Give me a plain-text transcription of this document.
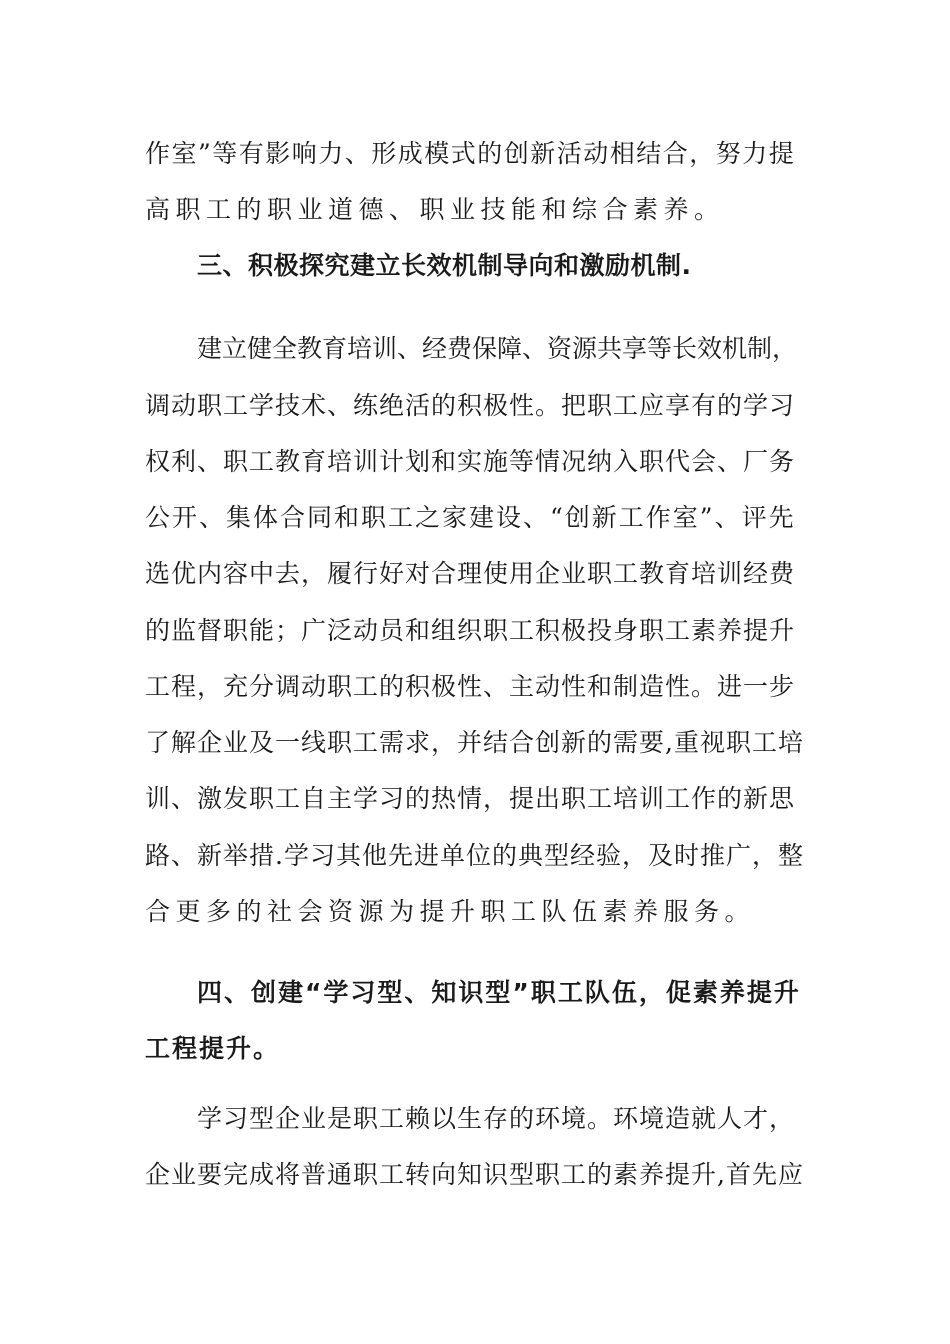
作室”等有影响力、形成模式的创新活动相结合，努力提
高职工的职业道德、职业技能和综合素养。
三、积极探究建立长效机制导向和激励机制.
建立健全教育培训、经费保障、资源共享等长效机制，
调动职工学技术、练绝活的积极性。把职工应享有的学习
权利、职工教育培训计划和实施等情况纳入职代会、厂务
公开、集体合同和职工之家建设、“创新工作室”、评先
选优内容中去，履行好对合理使用企业职工教育培训经费
的监督职能；广泛动员和组织职工积极投身职工素养提升
工程，充分调动职工的积极性、主动性和制造性。进一步
了解企业及一线职工需求，并结合创新的需要,重视职工培
训、激发职工自主学习的热情，提出职工培训工作的新思
路、新举措.学习其他先进单位的典型经验，及时推广，整
合更多的社会资源为提升职工队伍素养服务。
四、创建“学习型、知识型”职工队伍，促素养提升
工程提升。
学习型企业是职工赖以生存的环境。环境造就人才，
企业要完成将普通职工转向知识型职工的素养提升,首先应
